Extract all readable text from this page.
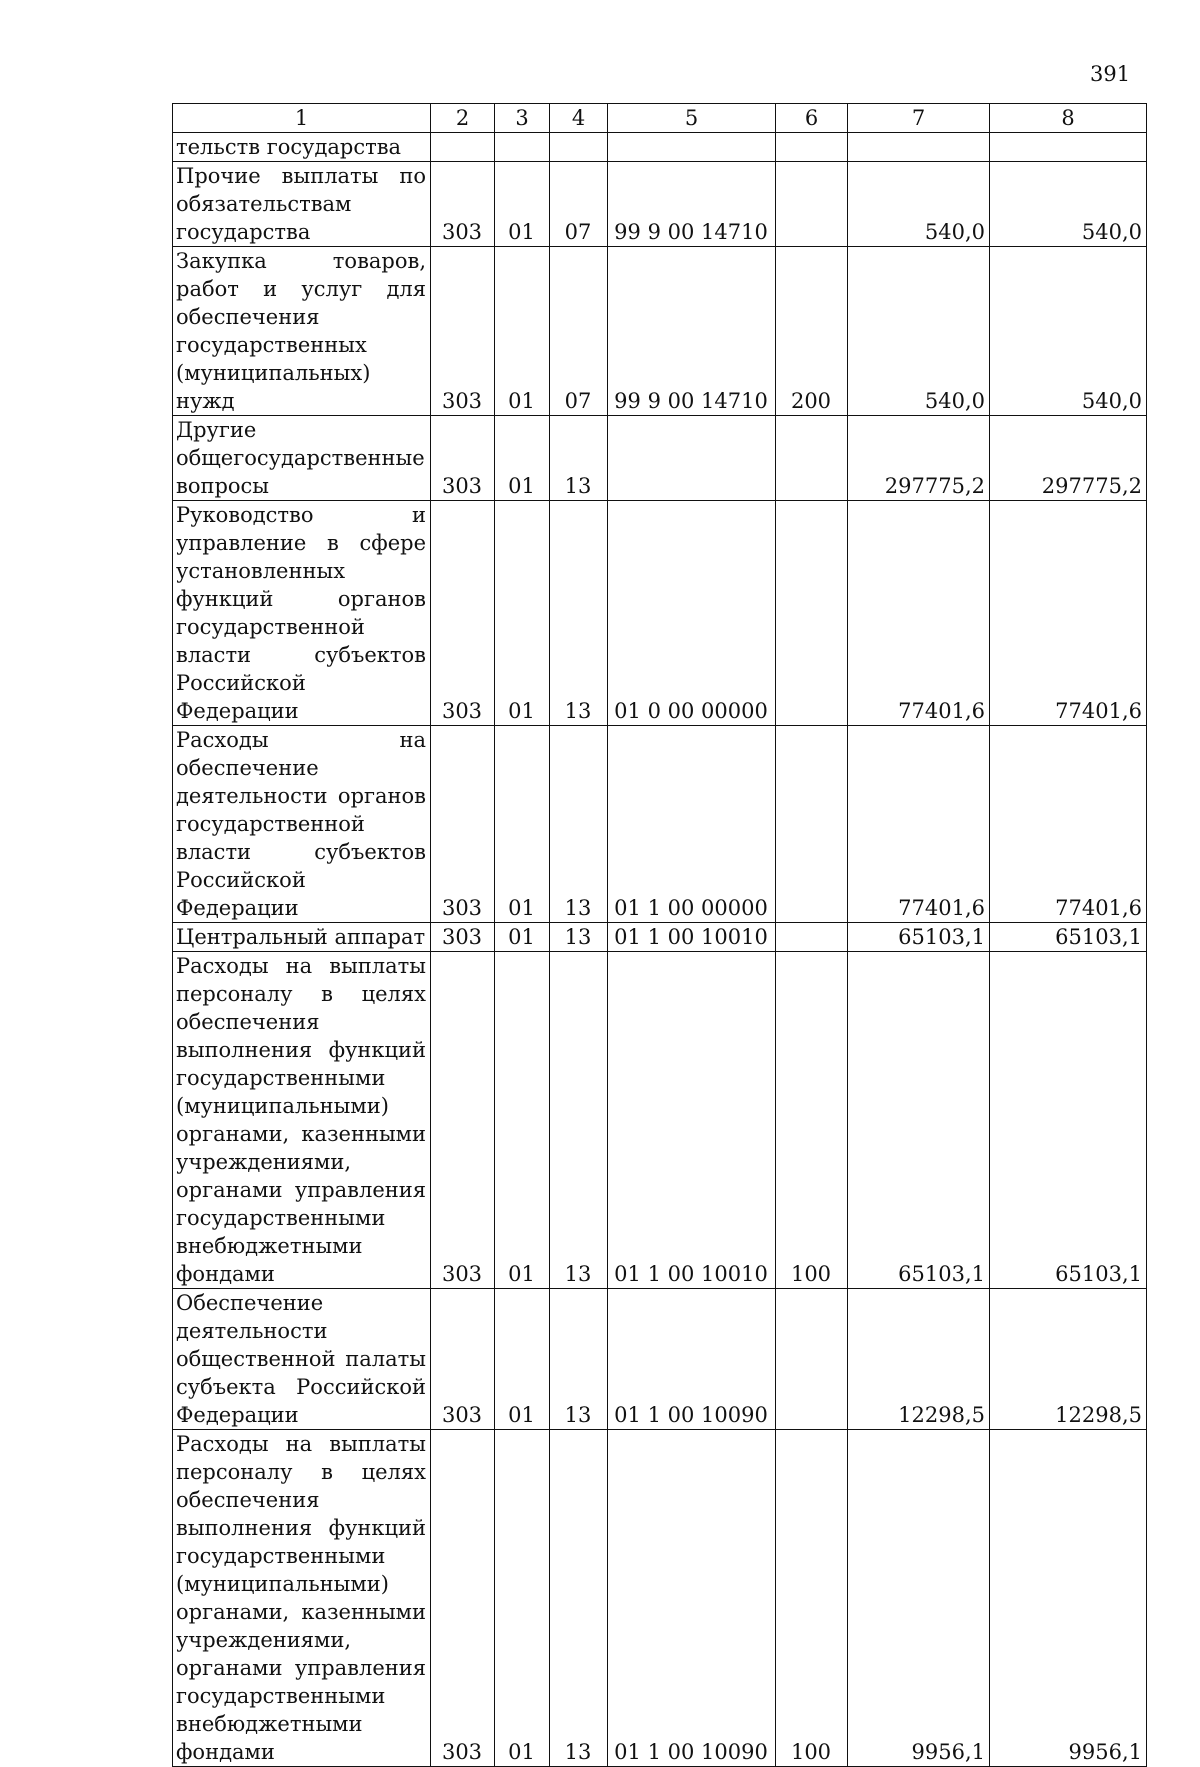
391
1	2	3	4	5	6	7	8
тельств государства							
Прочие выплаты по обязательствам государства	303	01	07	99 9 00 14710		540,0	540,0
Закупка товаров, работ и услуг для обеспечения государственных (муниципальных) нужд	303	01	07	99 9 00 14710	200	540,0	540,0
Другие общегосударственные вопросы	303	01	13			297775,2	297775,2
Руководство и управление в сфере установленных функций органов государственной власти субъектов Российской Федерации	303	01	13	01 0 00 00000		77401,6	77401,6
Расходы на обеспечение деятельности органов государственной власти субъектов Российской Федерации	303	01	13	01 1 00 00000		77401,6	77401,6
Центральный аппарат	303	01	13	01 1 00 10010		65103,1	65103,1
Расходы на выплаты персоналу в целях обеспечения выполнения функций государственными (муниципальными) органами, казенными учреждениями, органами управления государственными внебюджетными фондами	303	01	13	01 1 00 10010	100	65103,1	65103,1
Обеспечение деятельности общественной палаты субъекта Российской Федерации	303	01	13	01 1 00 10090		12298,5	12298,5
Расходы на выплаты персоналу в целях обеспечения выполнения функций государственными (муниципальными) органами, казенными учреждениями, органами управления государственными внебюджетными фондами	303	01	13	01 1 00 10090	100	9956,1	9956,1
